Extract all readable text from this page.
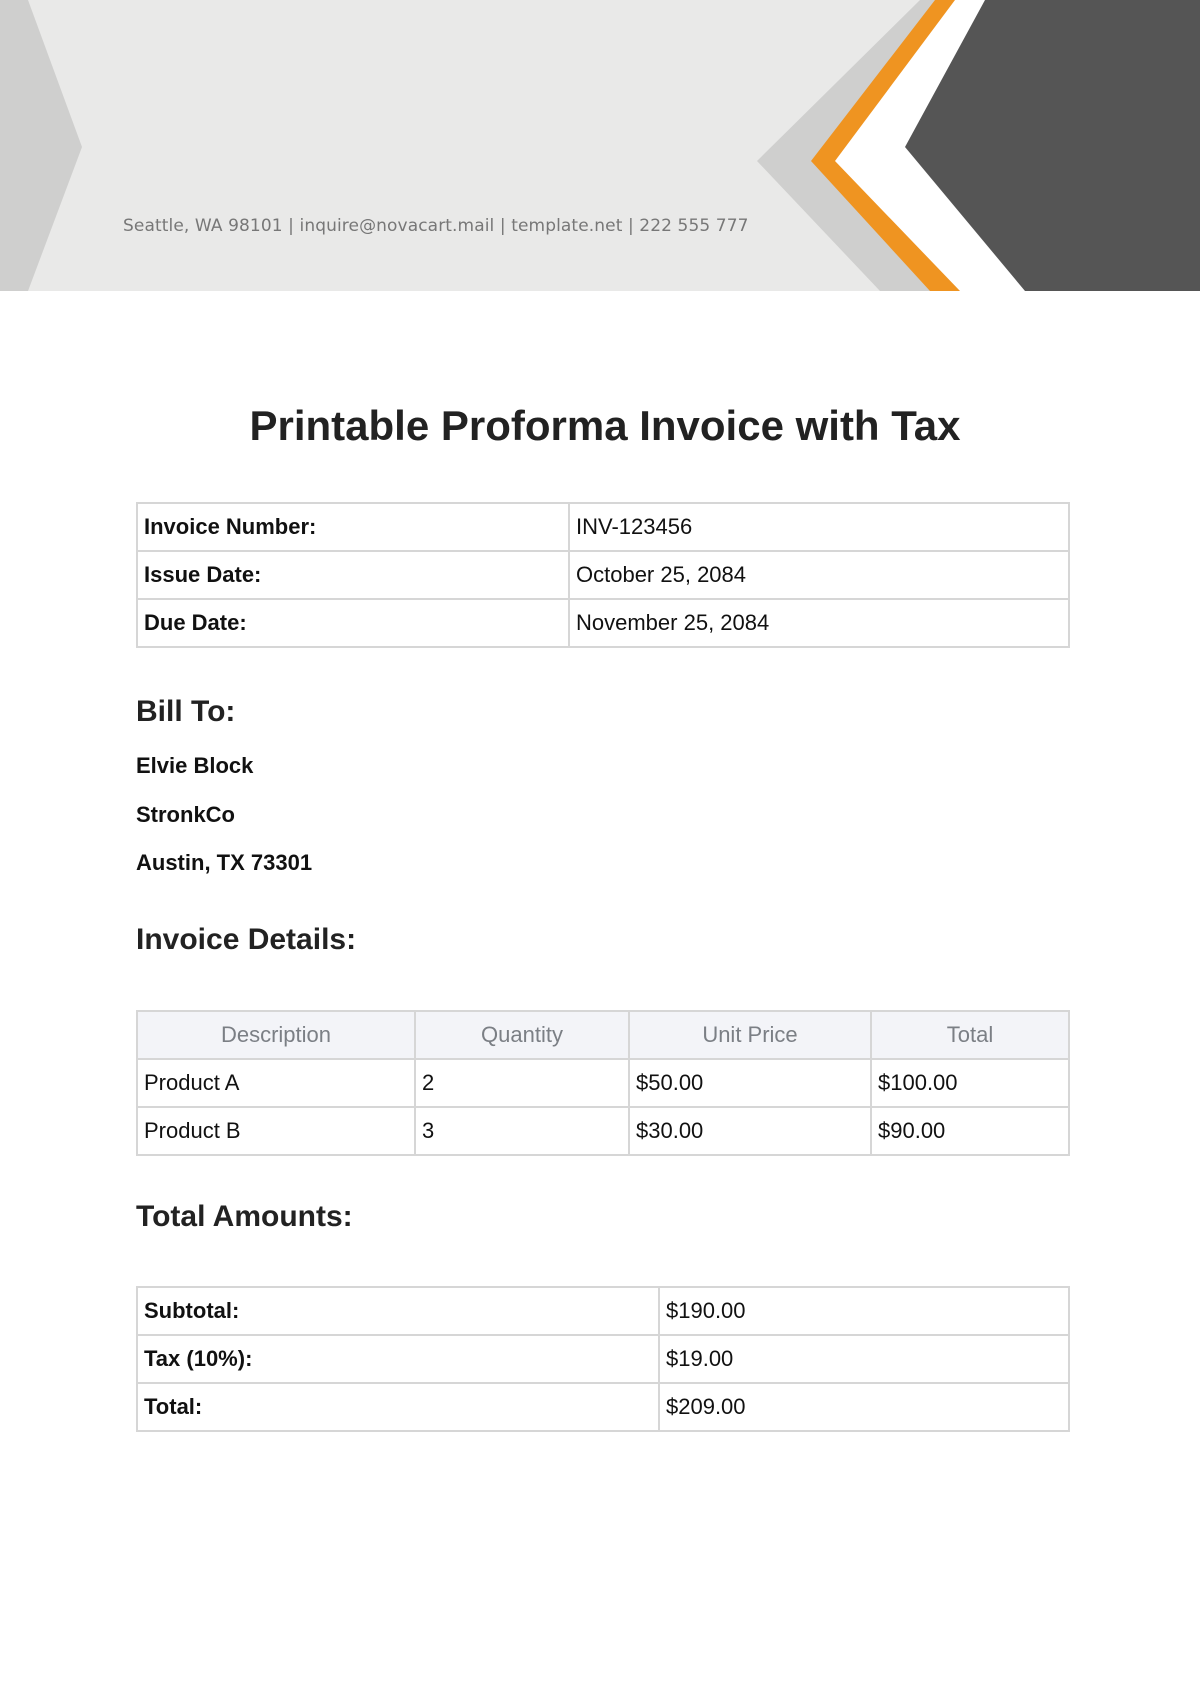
Seattle, WA 98101 | inquire@novacart.mail | template.net | 222 555 777
Printable Proforma Invoice with Tax
Invoice Number:	INV-123456
Issue Date:	October 25, 2084
Due Date:	November 25, 2084
Bill To:

Elvie Block

StronkCo

Austin, TX 73301

Invoice Details:
Description	Quantity	Unit Price	Total
Product A	2	$50.00	$100.00
Product B	3	$30.00	$90.00
Total Amounts:
Subtotal:	$190.00
Tax (10%):	$19.00
Total:	$209.00
